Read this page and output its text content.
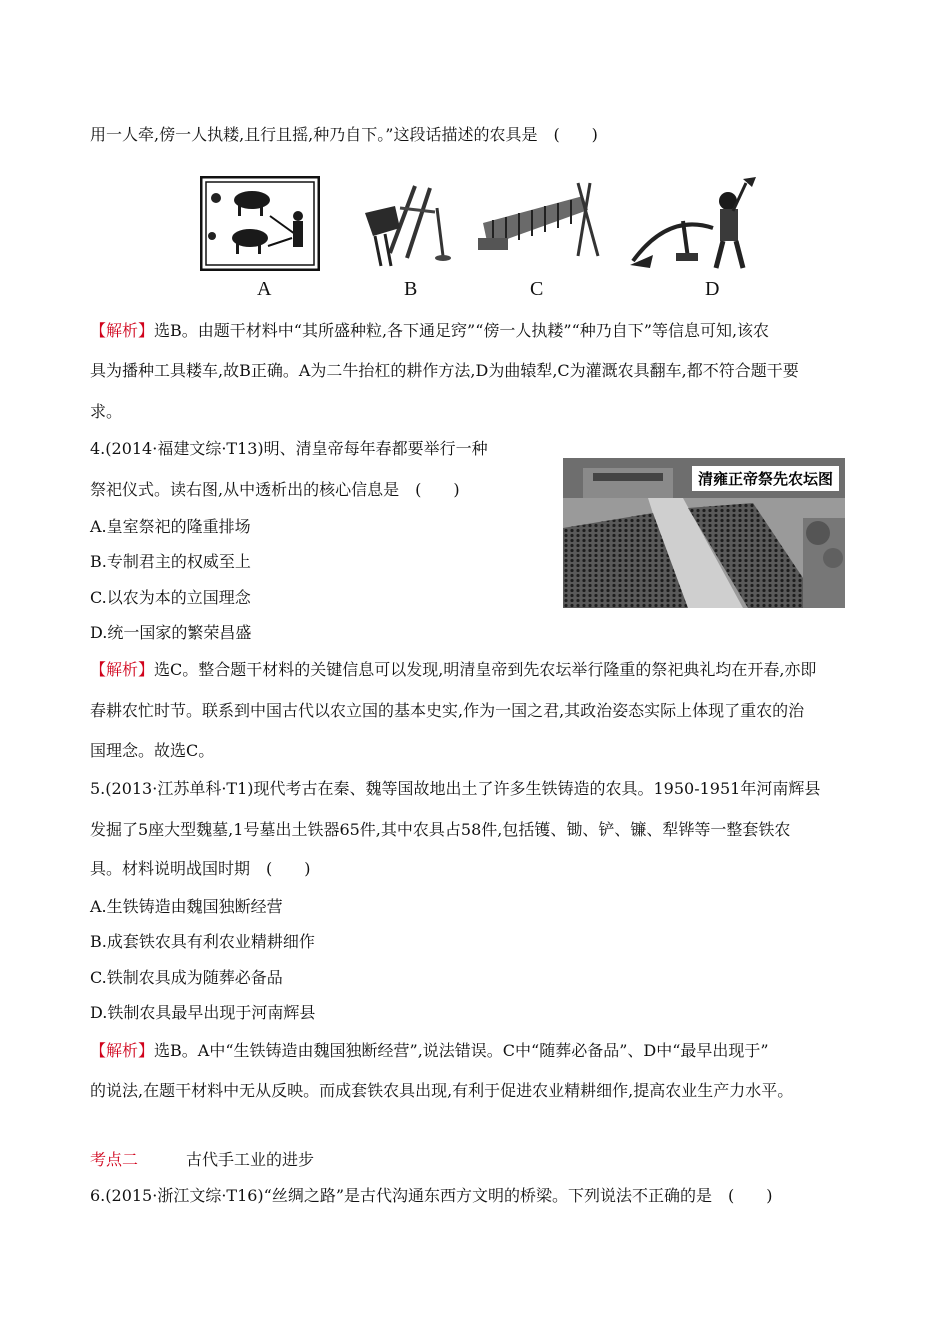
用一人牵,傍一人执耧,且行且摇,种乃自下。”这段话描述的农具是　(　　)
A	B	C	D
【解析】选B。由题干材料中“其所盛种粒,各下通足窍”“傍一人执耧”“种乃自下”等信息可知,该农
具为播种工具耧车,故B正确。A为二牛抬杠的耕作方法,D为曲辕犁,C为灌溉农具翻车,都不符合题干要
求。
4.(2014·福建文综·T13)明、清皇帝每年春都要举行一种
祭祀仪式。读右图,从中透析出的核心信息是　(　　)
A.皇室祭祀的隆重排场
B.专制君主的权威至上
C.以农为本的立国理念
D.统一国家的繁荣昌盛
清雍正帝祭先农坛图
【解析】选C。整合题干材料的关键信息可以发现,明清皇帝到先农坛举行隆重的祭祀典礼均在开春,亦即
春耕农忙时节。联系到中国古代以农立国的基本史实,作为一国之君,其政治姿态实际上体现了重农的治
国理念。故选C。
5.(2013·江苏单科·T1)现代考古在秦、魏等国故地出土了许多生铁铸造的农具。1950-1951年河南辉县
发掘了5座大型魏墓,1号墓出土铁器65件,其中农具占58件,包括镬、锄、铲、镰、犁铧等一整套铁农
具。材料说明战国时期　(　　)
A.生铁铸造由魏国独断经营
B.成套铁农具有利农业精耕细作
C.铁制农具成为随葬必备品
D.铁制农具最早出现于河南辉县
【解析】选B。A中“生铁铸造由魏国独断经营”,说法错误。C中“随葬必备品”、D中“最早出现于”
的说法,在题干材料中无从反映。而成套铁农具出现,有利于促进农业精耕细作,提高农业生产力水平。
考点二	古代手工业的进步
6.(2015·浙江文综·T16)“丝绸之路”是古代沟通东西方文明的桥梁。下列说法不正确的是　(　　)
